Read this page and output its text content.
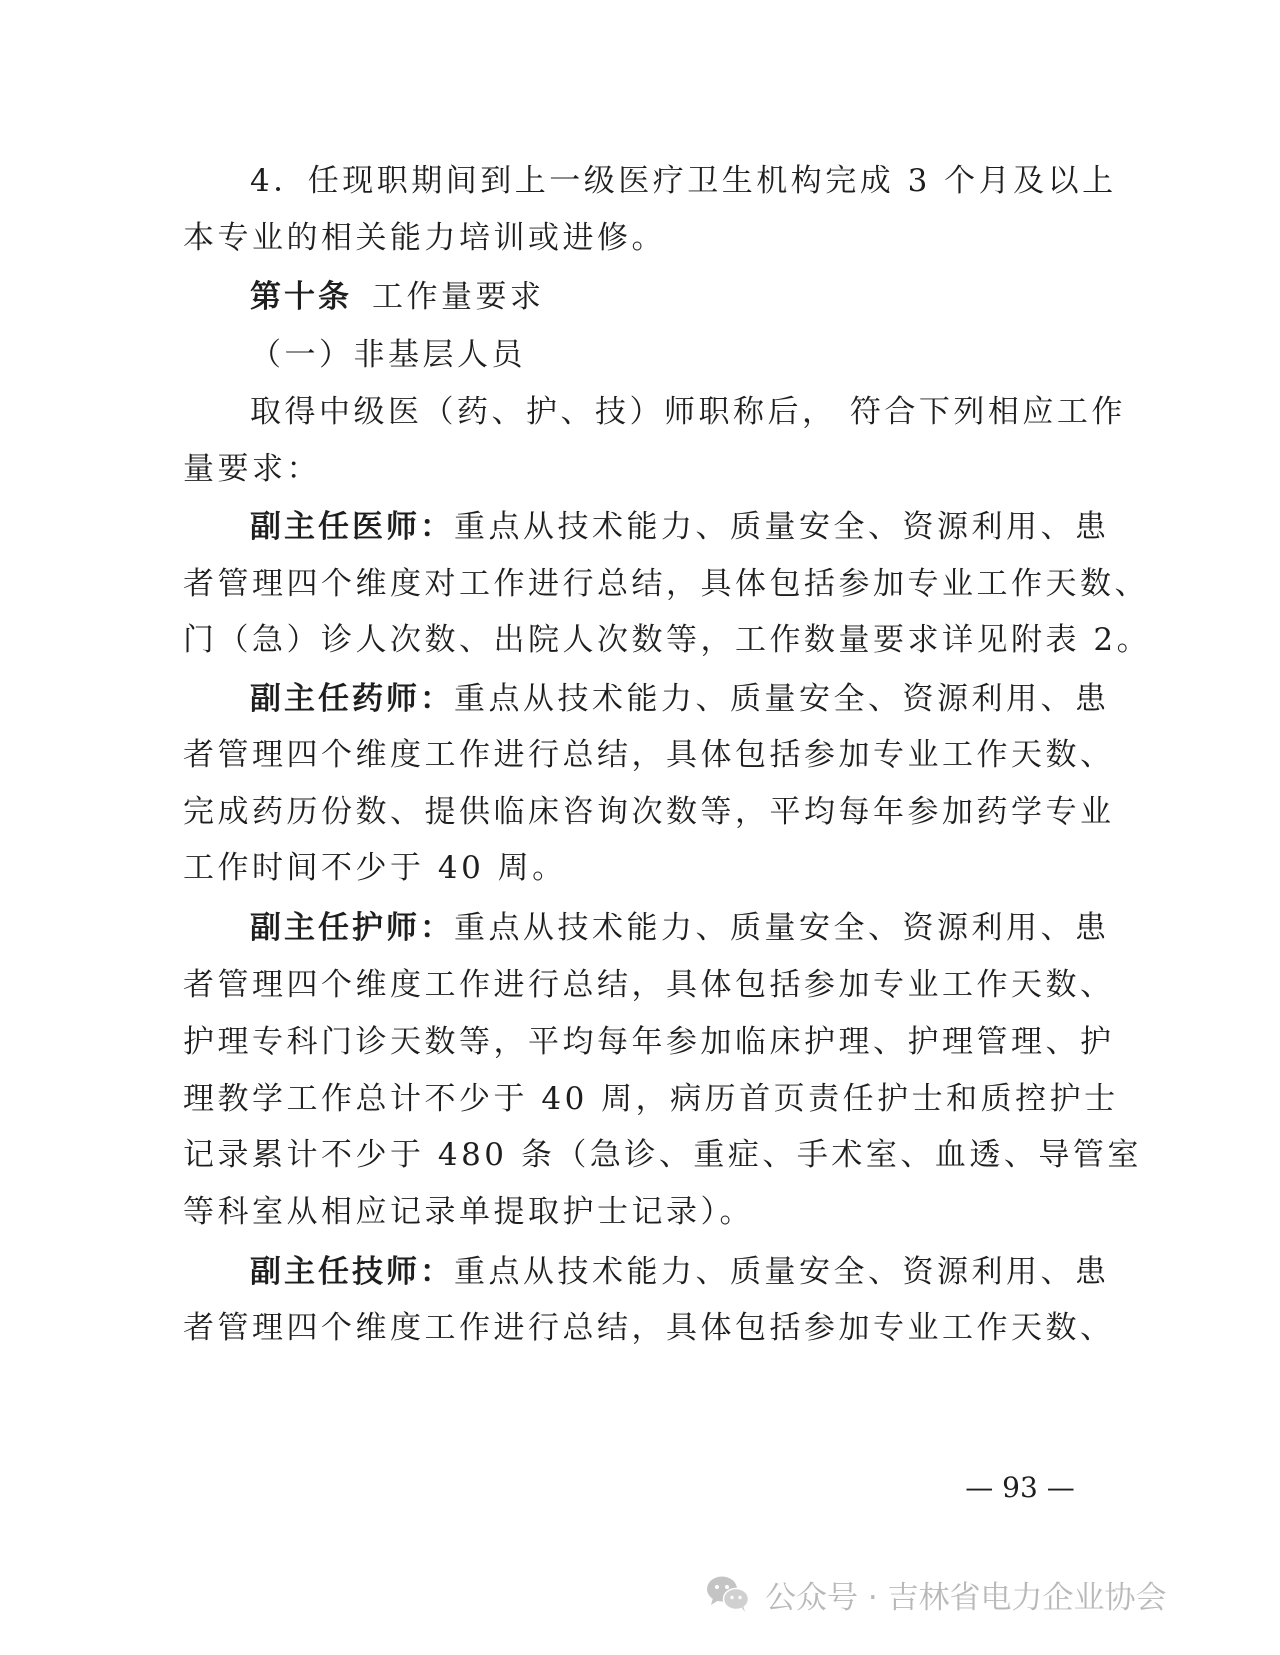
4．任现职期间到上一级医疗卫生机构完成 3 个月及以上
本专业的相关能力培训或进修。
第十条 工作量要求
（一）非基层人员
取得中级医（药、护、技）师职称后， 符合下列相应工作
量要求：
副主任医师：重点从技术能力、质量安全、资源利用、患
者管理四个维度对工作进行总结，具体包括参加专业工作天数、
门（急）诊人次数、出院人次数等，工作数量要求详见附表 2。
副主任药师：重点从技术能力、质量安全、资源利用、患
者管理四个维度工作进行总结，具体包括参加专业工作天数、
完成药历份数、提供临床咨询次数等，平均每年参加药学专业
工作时间不少于 40 周。
副主任护师：重点从技术能力、质量安全、资源利用、患
者管理四个维度工作进行总结，具体包括参加专业工作天数、
护理专科门诊天数等，平均每年参加临床护理、护理管理、护
理教学工作总计不少于 40 周，病历首页责任护士和质控护士
记录累计不少于 480 条（急诊、重症、手术室、血透、导管室
等科室从相应记录单提取护士记录）。
副主任技师：重点从技术能力、质量安全、资源利用、患
者管理四个维度工作进行总结，具体包括参加专业工作天数、
— 93 —
公众号 · 吉林省电力企业协会
